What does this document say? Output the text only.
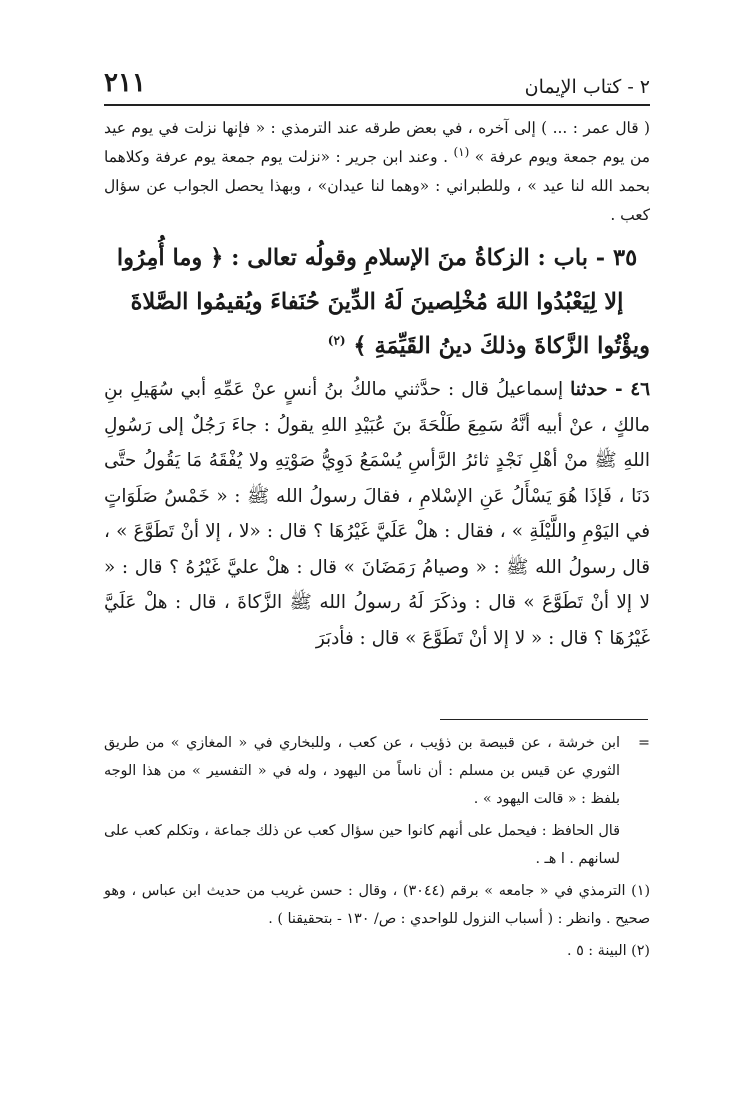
٢ - كتاب الإيمان
٢١١

( قال عمر : ... ) إلى آخره ، في بعض طرقه عند الترمذي : « فإنها نزلت في يوم عيد من يوم جمعة ويوم عرفة » $^{(١)}$ . وعند ابن جرير : «نزلت يوم جمعة يوم عرفة وكلاهما بحمد الله لنا عيد » ، وللطبراني : «وهما لنا عيدان» ، وبهذا يحصل الجواب عن سؤال كعب .

٣٥ - باب : الزكاةُ منَ الإسلامِ وقولُه تعالى : ﴿ وما أُمِرُوا إلا لِيَعْبُدُوا اللهَ مُخْلِصينَ لَهُ الدِّينَ حُنَفاءَ ويُقيمُوا الصَّلاةَ ويؤْتُوا الزَّكاةَ وذلكَ دينُ القَيِّمَةِ ﴾ $^{(٢)}$

٤٦ - حدثنا إسماعيلُ قال : حدَّثني مالكُ بنُ أنسٍ عنْ عَمِّهِ أبي سُهَيلِ بنِ مالكٍ ، عنْ أبيه أنَّهُ سَمِعَ طَلْحَةَ بنَ عُبَيْدِ اللهِ يقولُ : جاءَ رَجُلٌ إلى رَسُولِ اللهِ ﷺ منْ أهْلِ نَجْدٍ ثائرُ الرَّأسِ يُسْمَعُ دَوِيُّ صَوْتِهِ ولا يُفْقَهُ مَا يَقُولُ حتَّى دَنَا ، فَإذَا هُوَ يَسْأَلُ عَنِ الإسْلامِ ، فقالَ رسولُ الله ﷺ : « خَمْسُ صَلَوَاتٍ في اليَوْمِ واللَّيْلَةِ » ، فقال : هلْ عَلَيَّ غَيْرُهَا ؟ قال : «لا ، إلا أنْ تَطَوَّعَ » ، قال رسولُ الله ﷺ : « وصيامُ رَمَضَانَ » قال : هلْ عليَّ غَيْرُهُ ؟ قال : « لا إلا أنْ تَطَوَّعَ » قال : وذكَرَ لَهُ رسولُ الله ﷺ الزَّكاةَ ، قال : هلْ عَلَيَّ غَيْرُهَا ؟ قال : « لا إلا أنْ تَطَوَّعَ » قال : فأدبَرَ

=ابن خرشة ، عن قبيصة بن ذؤيب ، عن كعب ، وللبخاري في « المغازي » من طريق الثوري عن قيس بن مسلم : أن ناساً من اليهود ، وله في « التفسير » من هذا الوجه بلفظ : « قالت اليهود » .

قال الحافظ : فيحمل على أنهم كانوا حين سؤال كعب عن ذلك جماعة ، وتكلم كعب على لسانهم . ا هـ .

(١) الترمذي في « جامعه » برقم (٣٠٤٤) ، وقال : حسن غريب من حديث ابن عباس ، وهو صحيح . وانظر : ( أسباب النزول للواحدي : ص/ ١٣٠ - بتحقيقنا ) .

(٢) البينة : ٥ .
